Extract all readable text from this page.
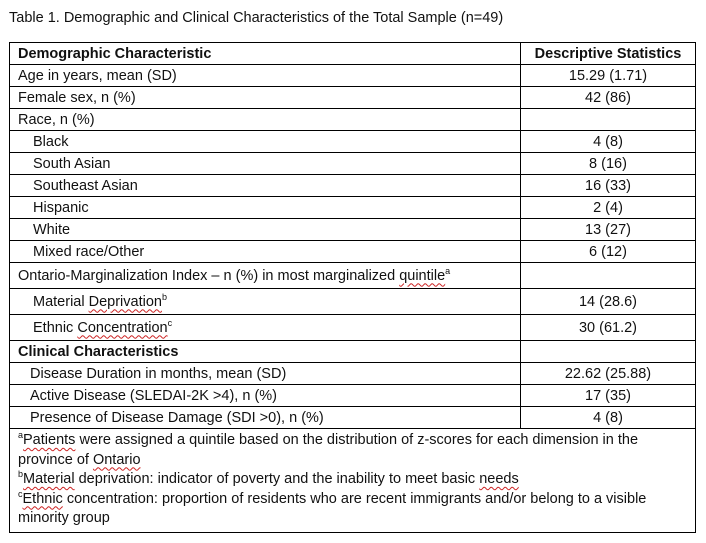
Table 1. Demographic and Clinical Characteristics of the Total Sample (n=49)
Demographic Characteristic	Descriptive Statistics
Age in years, mean (SD)	15.29 (1.71)
Female sex, n (%)	42 (86)
Race, n (%)	
Black	4 (8)
South Asian	8 (16)
Southeast Asian	16 (33)
Hispanic	2 (4)
White	13 (27)
Mixed race/Other	6 (12)
Ontario-Marginalization Index – n (%) in most marginalized quintile$^a$	
Material Deprivation$^b$	14 (28.6)
Ethnic Concentration$^c$	30 (61.2)
Clinical Characteristics	
Disease Duration in months, mean (SD)	22.62 (25.88)
Active Disease (SLEDAI-2K >4), n (%)	17 (35)
Presence of Disease Damage (SDI >0), n (%)	4 (8)

$^a$Patients were assigned a quintile based on the distribution of z-scores for each dimension in the province of Ontario
$^b$Material deprivation: indicator of poverty and the inability to meet basic needs
$^c$Ethnic concentration: proportion of residents who are recent immigrants and/or belong to a visible minority group	
